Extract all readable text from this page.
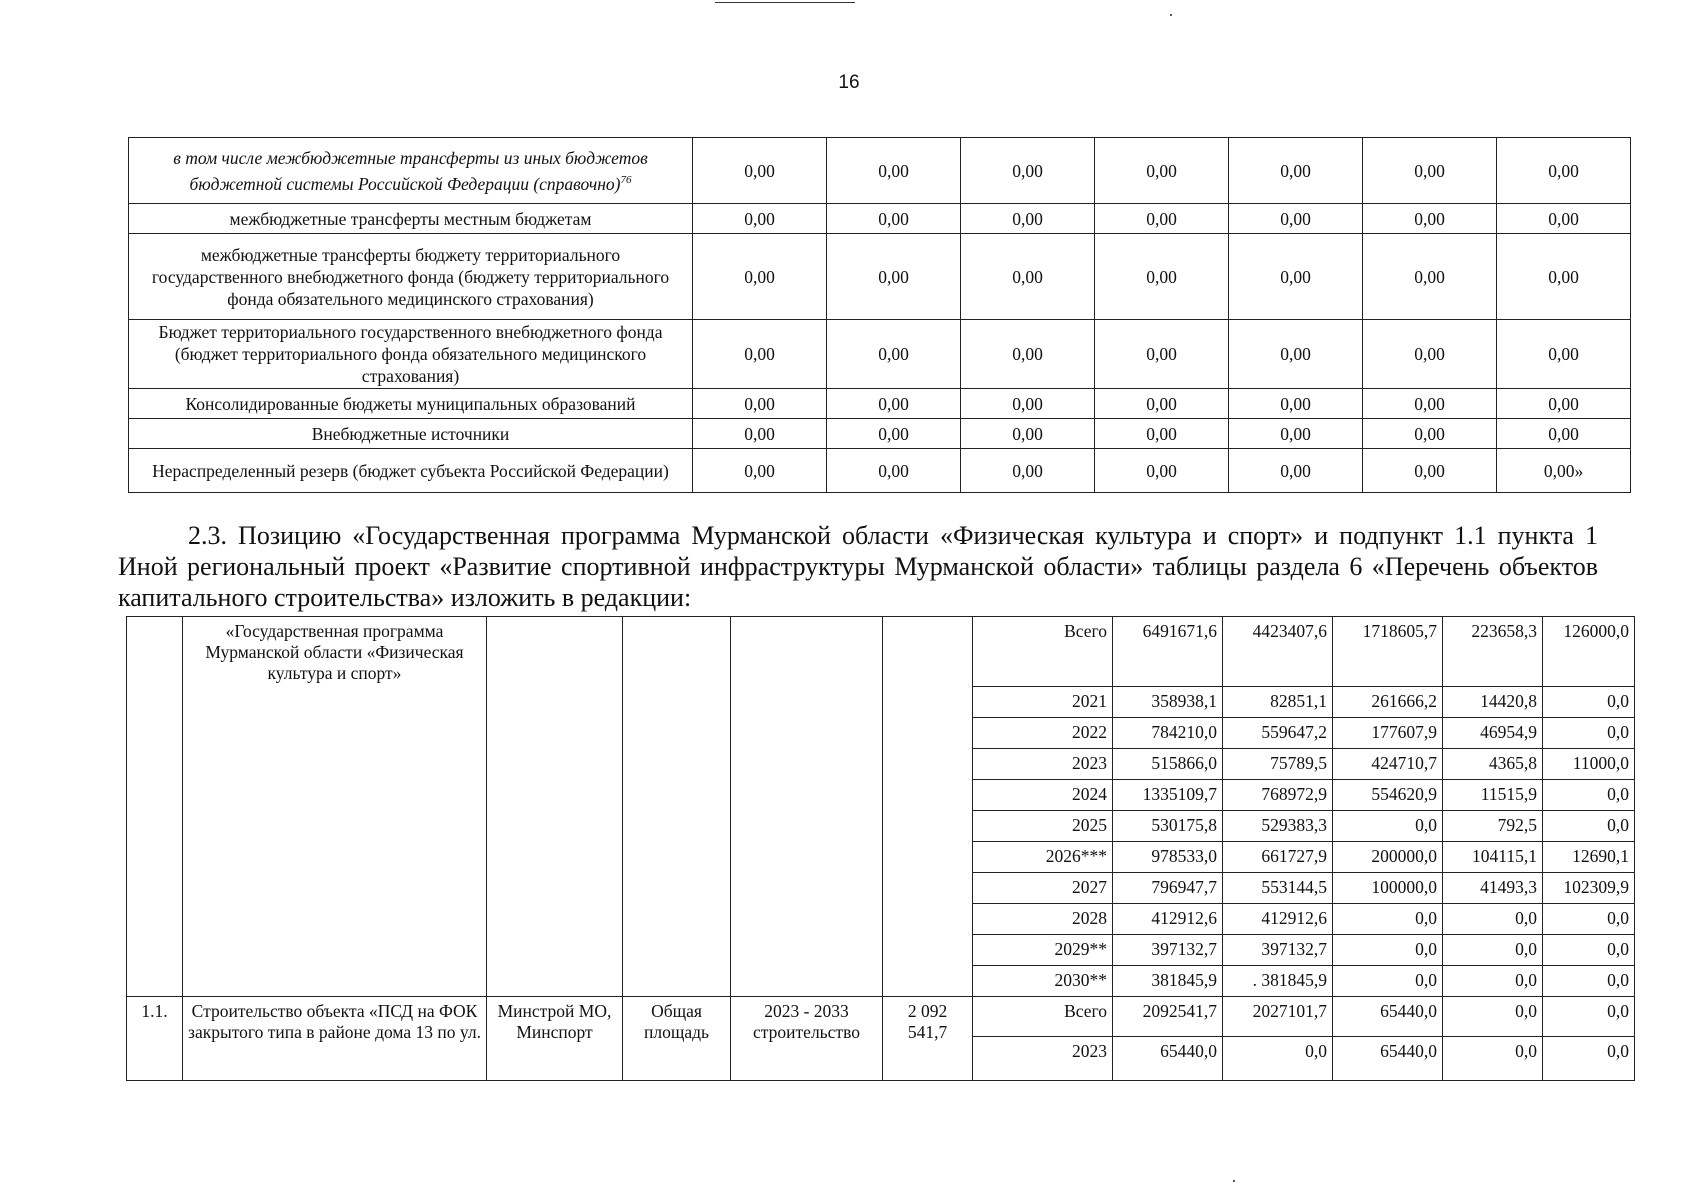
16
в том числе межбюджетные трансферты из иных бюджетов бюджетной системы Российской Федерации (справочно)$^{76}$	0,00	0,00	0,00	0,00	0,00	0,00	0,00
межбюджетные трансферты местным бюджетам	0,00	0,00	0,00	0,00	0,00	0,00	0,00
межбюджетные трансферты бюджету территориального государственного внебюджетного фонда (бюджету территориального фонда обязательного медицинского страхования)	0,00	0,00	0,00	0,00	0,00	0,00	0,00
Бюджет территориального государственного внебюджетного фонда (бюджет территориального фонда обязательного медицинского страхования)	0,00	0,00	0,00	0,00	0,00	0,00	0,00
Консолидированные бюджеты муниципальных образований	0,00	0,00	0,00	0,00	0,00	0,00	0,00
Внебюджетные источники	0,00	0,00	0,00	0,00	0,00	0,00	0,00
Нераспределенный резерв (бюджет субъекта Российской Федерации)	0,00	0,00	0,00	0,00	0,00	0,00	0,00»
2.3. Позицию «Государственная программа Мурманской области «Физическая культура и спорт» и подпункт 1.1 пункта 1 Иной региональный проект «Развитие спортивной инфраструктуры Мурманской области» таблицы раздела 6 «Перечень объектов капитального строительства» изложить в редакции:
	«Государственная программа Мурманской области «Физическая культура и спорт»					Всего	6491671,6	4423407,6	1718605,7	223658,3	126000,0
						2021	358938,1	82851,1	261666,2	14420,8	0,0
						2022	784210,0	559647,2	177607,9	46954,9	0,0
						2023	515866,0	75789,5	424710,7	4365,8	11000,0
						2024	1335109,7	768972,9	554620,9	11515,9	0,0
						2025	530175,8	529383,3	0,0	792,5	0,0
						2026***	978533,0	661727,9	200000,0	104115,1	12690,1
						2027	796947,7	553144,5	100000,0	41493,3	102309,9
						2028	412912,6	412912,6	0,0	0,0	0,0
						2029**	397132,7	397132,7	0,0	0,0	0,0
						2030**	381845,9	. 381845,9	0,0	0,0	0,0
1.1.	Строительство объекта «ПСД на ФОК закрытого типа в районе дома 13 по ул.	Минстрой МО, Минспорт	Общая площадь	2023 - 2033 строительство	2 092 541,7	Всего	2092541,7	2027101,7	65440,0	0,0	0,0
						2023	65440,0	0,0	65440,0	0,0	0,0
